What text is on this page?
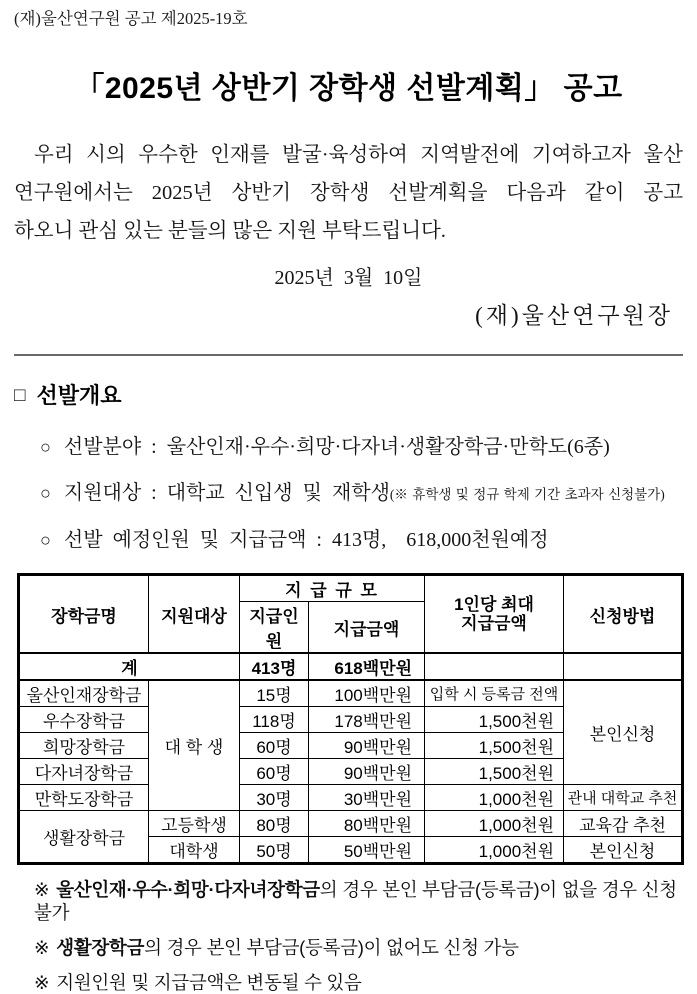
(재)울산연구원 공고 제2025-19호
「2025년 상반기 장학생 선발계획」 공고
우리 시의 우수한 인재를 발굴·육성하여 지역발전에 기여하고자 울산
연구원에서는 2025년 상반기 장학생 선발계획을 다음과 같이 공고
하오니 관심 있는 분들의 많은 지원 부탁드립니다.
2025년 3월 10일
(재)울산연구원장
□ 선발개요
○ 선발분야 : 울산인재·우수·희망·다자녀·생활장학금·만학도(6종)
○ 지원대상 : 대학교 신입생 및 재학생(※ 휴학생 및 정규 학제 기간 초과자 신청불가)
○ 선발 예정인원 및 지급금액 : 413명,  618,000천원예정
장학금명	지원대상	지 급 규 모		1인당 최대
지급금액	신청방법
		지급인원	지급금액		
계		413명	618백만원		
울산인재장학금	대 학 생	15명	100백만원	입학 시 등록금 전액	본인신청
우수장학금		118명	178백만원	1,500천원	
희망장학금		60명	90백만원	1,500천원	
다자녀장학금		60명	90백만원	1,500천원	
만학도장학금		30명	30백만원	1,000천원	관내 대학교 추천
생활장학금	고등학생	80명	80백만원	1,000천원	교육감 추천
	대학생	50명	50백만원	1,000천원	본인신청
※ 울산인재·우수·희망·다자녀장학금의 경우 본인 부담금(등록금)이 없을 경우 신청불가
※ 생활장학금의 경우 본인 부담금(등록금)이 없어도 신청 가능
※ 지원인원 및 지급금액은 변동될 수 있음
